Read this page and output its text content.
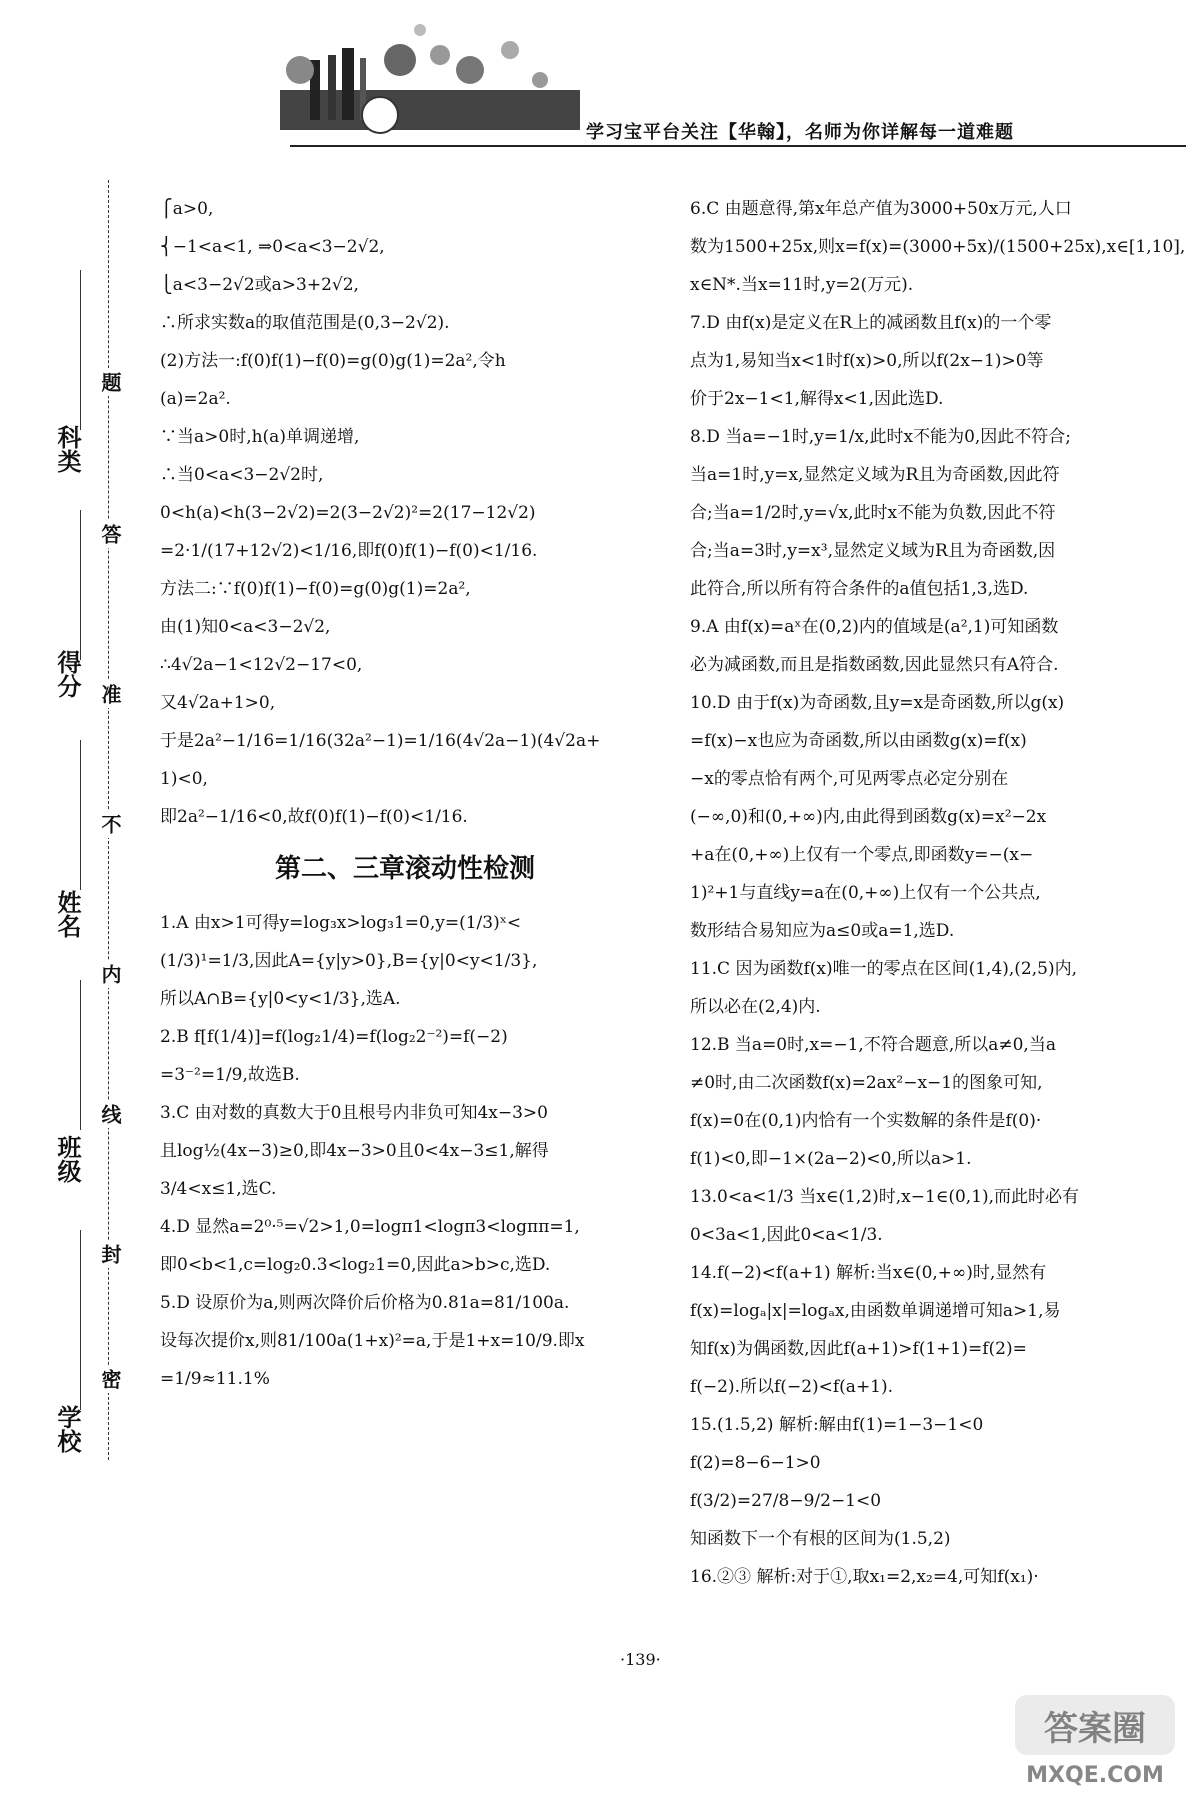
学习宝平台关注【华翰】，名师为你详解每一道难题
科类
得分
姓名
班级
学校
题
答
准
不
内
线
封
密
⎧a>0,
⎨−1<a<1, ⇒0<a<3−2√2,
⎩a<3−2√2或a>3+2√2,
∴所求实数a的取值范围是(0,3−2√2).
(2)方法一:f(0)f(1)−f(0)=g(0)g(1)=2a²,令h
(a)=2a².
∵当a>0时,h(a)单调递增,
∴当0<a<3−2√2时,
0<h(a)<h(3−2√2)=2(3−2√2)²=2(17−12√2)
=2·1/(17+12√2)<1/16,即f(0)f(1)−f(0)<1/16.
方法二:∵f(0)f(1)−f(0)=g(0)g(1)=2a²,
由(1)知0<a<3−2√2,
∴4√2a−1<12√2−17<0,
又4√2a+1>0,
于是2a²−1/16=1/16(32a²−1)=1/16(4√2a−1)(4√2a+
1)<0,
即2a²−1/16<0,故f(0)f(1)−f(0)<1/16.
第二、三章滚动性检测
1.A 由x>1可得y=log₃x>log₃1=0,y=(1/3)ˣ<
(1/3)¹=1/3,因此A={y|y>0},B={y|0<y<1/3},
所以A∩B={y|0<y<1/3},选A.
2.B f[f(1/4)]=f(log₂1/4)=f(log₂2⁻²)=f(−2)
=3⁻²=1/9,故选B.
3.C 由对数的真数大于0且根号内非负可知4x−3>0
且log½(4x−3)≥0,即4x−3>0且0<4x−3≤1,解得
3/4<x≤1,选C.
4.D 显然a=2⁰·⁵=√2>1,0=logπ1<logπ3<logππ=1,
即0<b<1,c=log₂0.3<log₂1=0,因此a>b>c,选D.
5.D 设原价为a,则两次降价后价格为0.81a=81/100a.
设每次提价x,则81/100a(1+x)²=a,于是1+x=10/9.即x
=1/9≈11.1%
6.C 由题意得,第x年总产值为3000+50x万元,人口
数为1500+25x,则x=f(x)=(3000+5x)/(1500+25x),x∈[1,10],
x∈N*.当x=11时,y=2(万元).
7.D 由f(x)是定义在R上的减函数且f(x)的一个零
点为1,易知当x<1时f(x)>0,所以f(2x−1)>0等
价于2x−1<1,解得x<1,因此选D.
8.D 当a=−1时,y=1/x,此时x不能为0,因此不符合;
当a=1时,y=x,显然定义域为R且为奇函数,因此符
合;当a=1/2时,y=√x,此时x不能为负数,因此不符
合;当a=3时,y=x³,显然定义域为R且为奇函数,因
此符合,所以所有符合条件的a值包括1,3,选D.
9.A 由f(x)=aˣ在(0,2)内的值域是(a²,1)可知函数
必为减函数,而且是指数函数,因此显然只有A符合.
10.D 由于f(x)为奇函数,且y=x是奇函数,所以g(x)
=f(x)−x也应为奇函数,所以由函数g(x)=f(x)
−x的零点恰有两个,可见两零点必定分别在
(−∞,0)和(0,+∞)内,由此得到函数g(x)=x²−2x
+a在(0,+∞)上仅有一个零点,即函数y=−(x−
1)²+1与直线y=a在(0,+∞)上仅有一个公共点,
数形结合易知应为a≤0或a=1,选D.
11.C 因为函数f(x)唯一的零点在区间(1,4),(2,5)内,
所以必在(2,4)内.
12.B 当a=0时,x=−1,不符合题意,所以a≠0,当a
≠0时,由二次函数f(x)=2ax²−x−1的图象可知,
f(x)=0在(0,1)内恰有一个实数解的条件是f(0)·
f(1)<0,即−1×(2a−2)<0,所以a>1.
13.0<a<1/3 当x∈(1,2)时,x−1∈(0,1),而此时必有
0<3a<1,因此0<a<1/3.
14.f(−2)<f(a+1) 解析:当x∈(0,+∞)时,显然有
f(x)=logₐ|x|=logₐx,由函数单调递增可知a>1,易
知f(x)为偶函数,因此f(a+1)>f(1+1)=f(2)=
f(−2).所以f(−2)<f(a+1).
15.(1.5,2) 解析:解由f(1)=1−3−1<0
f(2)=8−6−1>0
f(3/2)=27/8−9/2−1<0
知函数下一个有根的区间为(1.5,2)
16.②③ 解析:对于①,取x₁=2,x₂=4,可知f(x₁)·
·139·
答案圈
MXQE.COM
